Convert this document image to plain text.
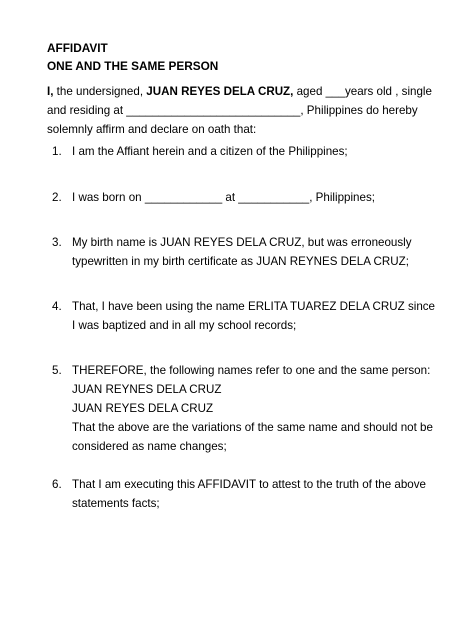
AFFIDAVIT
ONE AND THE SAME PERSON
I, the undersigned, JUAN REYES DELA CRUZ, aged ___years old , single
and residing at ___________________________, Philippines do hereby
solemnly affirm and declare on oath that:
1. I am the Affiant herein and a citizen of the Philippines;
2. I was born on ____________ at ___________, Philippines;
3. My birth name is JUAN REYES DELA CRUZ, but was erroneously
typewritten in my birth certificate as JUAN REYNES DELA CRUZ;
4. That, I have been using the name ERLITA TUAREZ DELA CRUZ since
I was baptized and in all my school records;
5. THEREFORE, the following names refer to one and the same person:
JUAN REYNES DELA CRUZ
JUAN REYES DELA CRUZ
That the above are the variations of the same name and should not be
considered as name changes;
6. That I am executing this AFFIDAVIT to attest to the truth of the above
statements facts;
